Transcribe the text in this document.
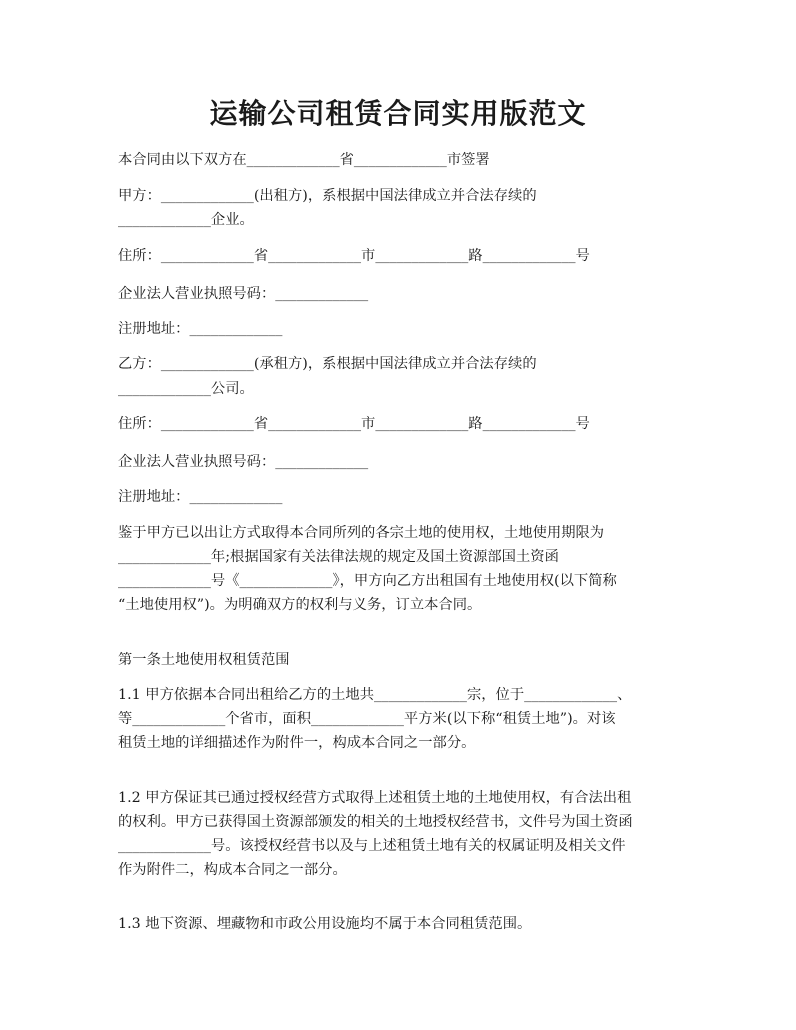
运输公司租赁合同实用版范文

本合同由以下双方在_____________省_____________市签署

甲方：_____________(出租方)，系根据中国法律成立并合法存续的

_____________企业。

住所：_____________省_____________市_____________路_____________号

企业法人营业执照号码：_____________

注册地址：_____________

乙方：_____________(承租方)，系根据中国法律成立并合法存续的

_____________公司。

住所：_____________省_____________市_____________路_____________号

企业法人营业执照号码：_____________

注册地址：_____________

鉴于甲方已以出让方式取得本合同所列的各宗土地的使用权，土地使用期限为

_____________年;根据国家有关法律法规的规定及国土资源部国土资函

_____________号《_____________》，甲方向乙方出租国有土地使用权(以下简称

“土地使用权”)。为明确双方的权利与义务，订立本合同。

第一条土地使用权租赁范围

1.1 甲方依据本合同出租给乙方的土地共_____________宗，位于_____________、

等_____________个省市，面积_____________平方米(以下称“租赁土地”)。对该

租赁土地的详细描述作为附件一，构成本合同之一部分。

1.2 甲方保证其已通过授权经营方式取得上述租赁土地的土地使用权，有合法出租

的权利。甲方已获得国土资源部颁发的相关的土地授权经营书，文件号为国土资函

_____________号。该授权经营书以及与上述租赁土地有关的权属证明及相关文件

作为附件二，构成本合同之一部分。

1.3 地下资源、埋藏物和市政公用设施均不属于本合同租赁范围。
